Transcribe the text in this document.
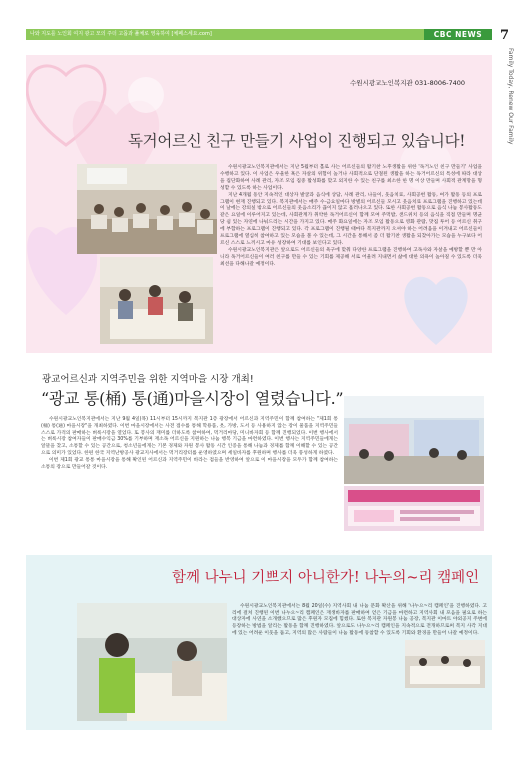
나와 지도를 노인회 여지 광고 모의 주더 고몹과 풀체로 영육하여 [체페스세요.com]	CBC NEWS	7
Family Today, Renew Our Family
수원시광교노인복지관 031-8006-7400
독거어르신 친구 만들기 사업이 진행되고 있습니다!

수원시광교노인복지관에서는 지난 5월부터 홀로 사는 어르신들의 활기찬 노후생활을 위한 '독거노인 친구 만들기' 사업을 수행하고 있다. 이 사업은 우울한 혹은 자살의 위험이 높거나 사회적으로 단절된 생활을 하는 독거어르신의 특성에 따라 대상을 집단화하여 사례 관리, 자조 모임 집중 활성화를 맞고 외지한 수 있는 친구를 최소한 한 명 이상 만들며 사회적 관계망을 형성할 수 있도록 하는 사업이다.

지난 4개월 동안 지속적인 대상자 발굴과 음식에 상담, 사례 관리, 나들이, 웃음치료, 사회공헌 활동, 여가 활동 등의 프로그램이 현재 진행되고 있다. 복지관에서는 매주 수·금요일마다 방별의 어르신들 모시고 웃음치료 프로그램을 진행하고 있는데 이 날에는 강의실 밖으로 어르신들의 웃음소리가 끊이지 않고 흘러나오고 있다. 또한 사회공헌 활동으로 음식 나눔 봉사활동도 같은 요일에 이루어지고 있는데, 사회관계가 취약한 독거어르신이 함께 모여 주먹밥, 샌드위치 등의 음식을 직접 만들며 명균당 쉼 있는 자연에 나눠드리는 시간을 가지고 있다. 매주 화요일에는 자조 모임 활동으로 영화 관람, 맛집 투어 등 어르신 취구에 부합하는 프로그램이 진행되고 있다. 각 프로그램이 진행될 때마다 복지관까지 오셔야 하는 어려움을 이겨내고 어르신들이 프로그램에 열심히 참여하고 있는 모습을 볼 수 있는데, 그 시간을 통해서 좀 더 활기찬 생활을 되찾아가는 모습을 누구보다 어르신 스스로 느끼시고 마유 성장하여 기대를 보인다고 있다.

수원시광교노인복지관은 앞으로도 어르신들의 욕구에 맞춰 다양한 프로그램을 진행하여 고독사와 자살을 예방할 뿐 만 아니라 독거어르신들이 여러 친구를 만들 수 있는 기회를 제공해 서로 어울려 지내면서 삶에 대한 의욕이 높아질 수 있도록 더욱 최선을 다해나갈 예정이다.

광교어르신과 지역주민을 위한 지역마을 시장 개최!
“광교 통(桶) 통(通)마을시장이 열렸습니다.”

수원시광교노인복지관에서는 지난 9월 4일(목) 11시부터 15시까지 복지관 1층 광장에서 어르신과 지역주민이 함께 참여하는 "제1회 통(桶) 통(通) 마을시장"을 개최하였다. 이번 마을시장에서는 사전 접수를 통해 학용품, 옷, 가방, 도서 등 사용하지 않는 장이 물품을 지역주민들 스스로 가격의 판매하는 벼룩시장을 열었다. 또 봉사의 재미를 더하도록 참여하여, 먹거리마당, 미니바자회 등 함께 진행되었다. 이번 행사에서는 벼룩시장 참여자들이 판매수익금 30%를 기부하며 재소독 어르신을 지원하는 나눔 행복 기금을 마련하였다. 이번 행사는 지역주민들에게는 알뜰을 찾고, 소통할 수 있는 공간으로, 청소년들에게는 기본 경제와 자원 봉사 활동 시간 인증을 통해 나눔과 경제를 함께 이해할 수 있는 공간으로 의미가 있었다. 한편 한국 지역난방공사 광교지사에서는 먹거리장터를 운영하였으며 세일바자를 후원하며 행사를 더욱 풍성하게 하였다.

이번 제1회 광교 통통 마을시장을 통해 확인된 어르신과 지역주민이 바라는 점들을 반영하여 앞으로 이 마을시장을 모두가 함께 참여하는 소통의 장으로 만들어갈 것이다.

함께 나누니 기쁘지 아니한가! 나누의~리 캠페인

수원시광교노인복지관에서는 8월 20일(수) 지역사회 내 나눔 문화 확산을 위해 '나누으~리 캠페인'을 진행하였다. 고리에 걸쳐 진행된 이번 나누으~리 캠페인은 재생바자를 판매하여 얻은 기금을 마련하고 지역사회 내 포음을 필요로 하는 대상자에 사연을 소개했으므로 많은 후원자 모집에 힘썼다. 또한 복지관 자원봉 나눔 공장, 복지관 이마트 야외공지 주변에 등장하는 방법을 알리는 활동을 함께 진행하였다. 앞으로도 나누으~리 캠페인을 지속적으로 전개하므로써 복지 사각 지대에 있는 어려운 이웃을 돕고, 지역의 많은 사람들이 나눔 활동에 동참할 수 있도록 기회와 환경을 만들어 나갈 예정이다.
